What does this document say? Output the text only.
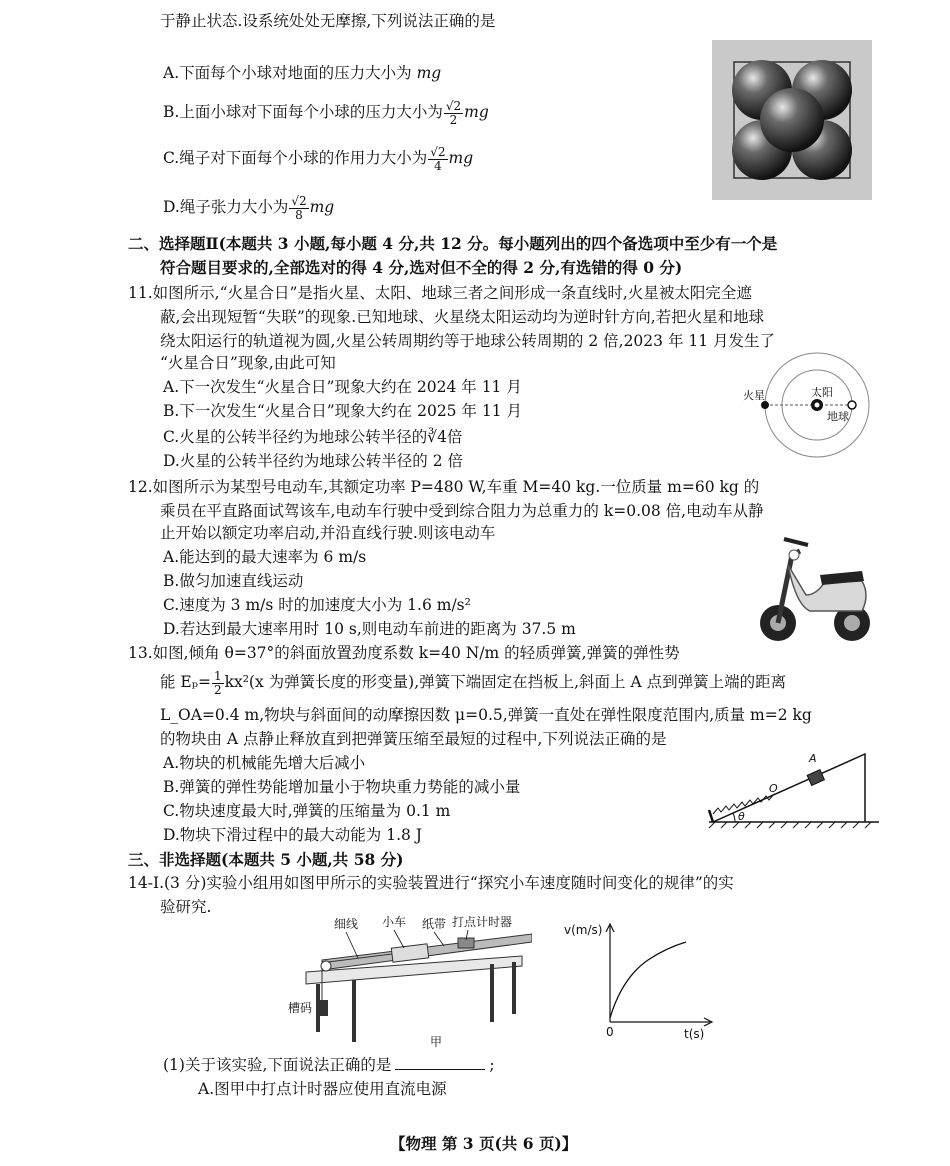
于静止状态.设系统处处无摩擦,下列说法正确的是
A.下面每个小球对地面的压力大小为 mg
B.上面小球对下面每个小球的压力大小为 $\frac{√2}{2}$ mg
C.绳子对下面每个小球的作用力大小为 $\frac{√2}{4}$ mg
D.绳子张力大小为 $\frac{√2}{8}$ mg
二、选择题Ⅱ(本题共 3 小题,每小题 4 分,共 12 分。每小题列出的四个备选项中至少有一个是
符合题目要求的,全部选对的得 4 分,选对但不全的得 2 分,有选错的得 0 分)
11.如图所示,“火星合日”是指火星、太阳、地球三者之间形成一条直线时,火星被太阳完全遮
蔽,会出现短暂“失联”的现象.已知地球、火星绕太阳运动均为逆时针方向,若把火星和地球
绕太阳运行的轨道视为圆,火星公转周期约等于地球公转周期的 2 倍,2023 年 11 月发生了
“火星合日”现象,由此可知
A.下一次发生“火星合日”现象大约在 2024 年 11 月
B.下一次发生“火星合日”现象大约在 2025 年 11 月
C.火星的公转半径约为地球公转半径的∛4倍
D.火星的公转半径约为地球公转半径的 2 倍
火星	太阳
地球
12.如图所示为某型号电动车,其额定功率 P=480 W,车重 M=40 kg.一位质量 m=60 kg 的
乘员在平直路面试驾该车,电动车行驶中受到综合阻力为总重力的 k=0.08 倍,电动车从静
止开始以额定功率启动,并沿直线行驶.则该电动车
A.能达到的最大速率为 6 m/s
B.做匀加速直线运动
C.速度为 3 m/s 时的加速度大小为 1.6 m/s²
D.若达到最大速率用时 10 s,则电动车前进的距离为 37.5 m
13.如图,倾角 θ=37°的斜面放置劲度系数 k=40 N/m 的轻质弹簧,弹簧的弹性势
能 $E_p= \frac{1}{2} kx^2(x$ 为弹簧长度的形变量),弹簧下端固定在挡板上,斜面上 A 点到弹簧上端的距离
L_OA=0.4 m,物块与斜面间的动摩擦因数 μ=0.5,弹簧一直处在弹性限度范围内,质量 m=2 kg
的物块由 A 点静止释放直到把弹簧压缩至最短的过程中,下列说法正确的是
A.物块的机械能先增大后减小
B.弹簧的弹性势能增加量小于物块重力势能的减小量
C.物块速度最大时,弹簧的压缩量为 0.1 m
D.物块下滑过程中的最大动能为 1.8 J
A
O
θ
三、非选择题(本题共 5 小题,共 58 分)
14-Ⅰ.(3 分)实验小组用如图甲所示的实验装置进行“探究小车速度随时间变化的规律”的实
验研究.
细线 小车 纸带 打点计时器
槽码
甲
v(m/s)
t(s)
0
(1)关于该实验,下面说法正确的是	;
A.图甲中打点计时器应使用直流电源
【物理 第 3 页(共 6 页)】
